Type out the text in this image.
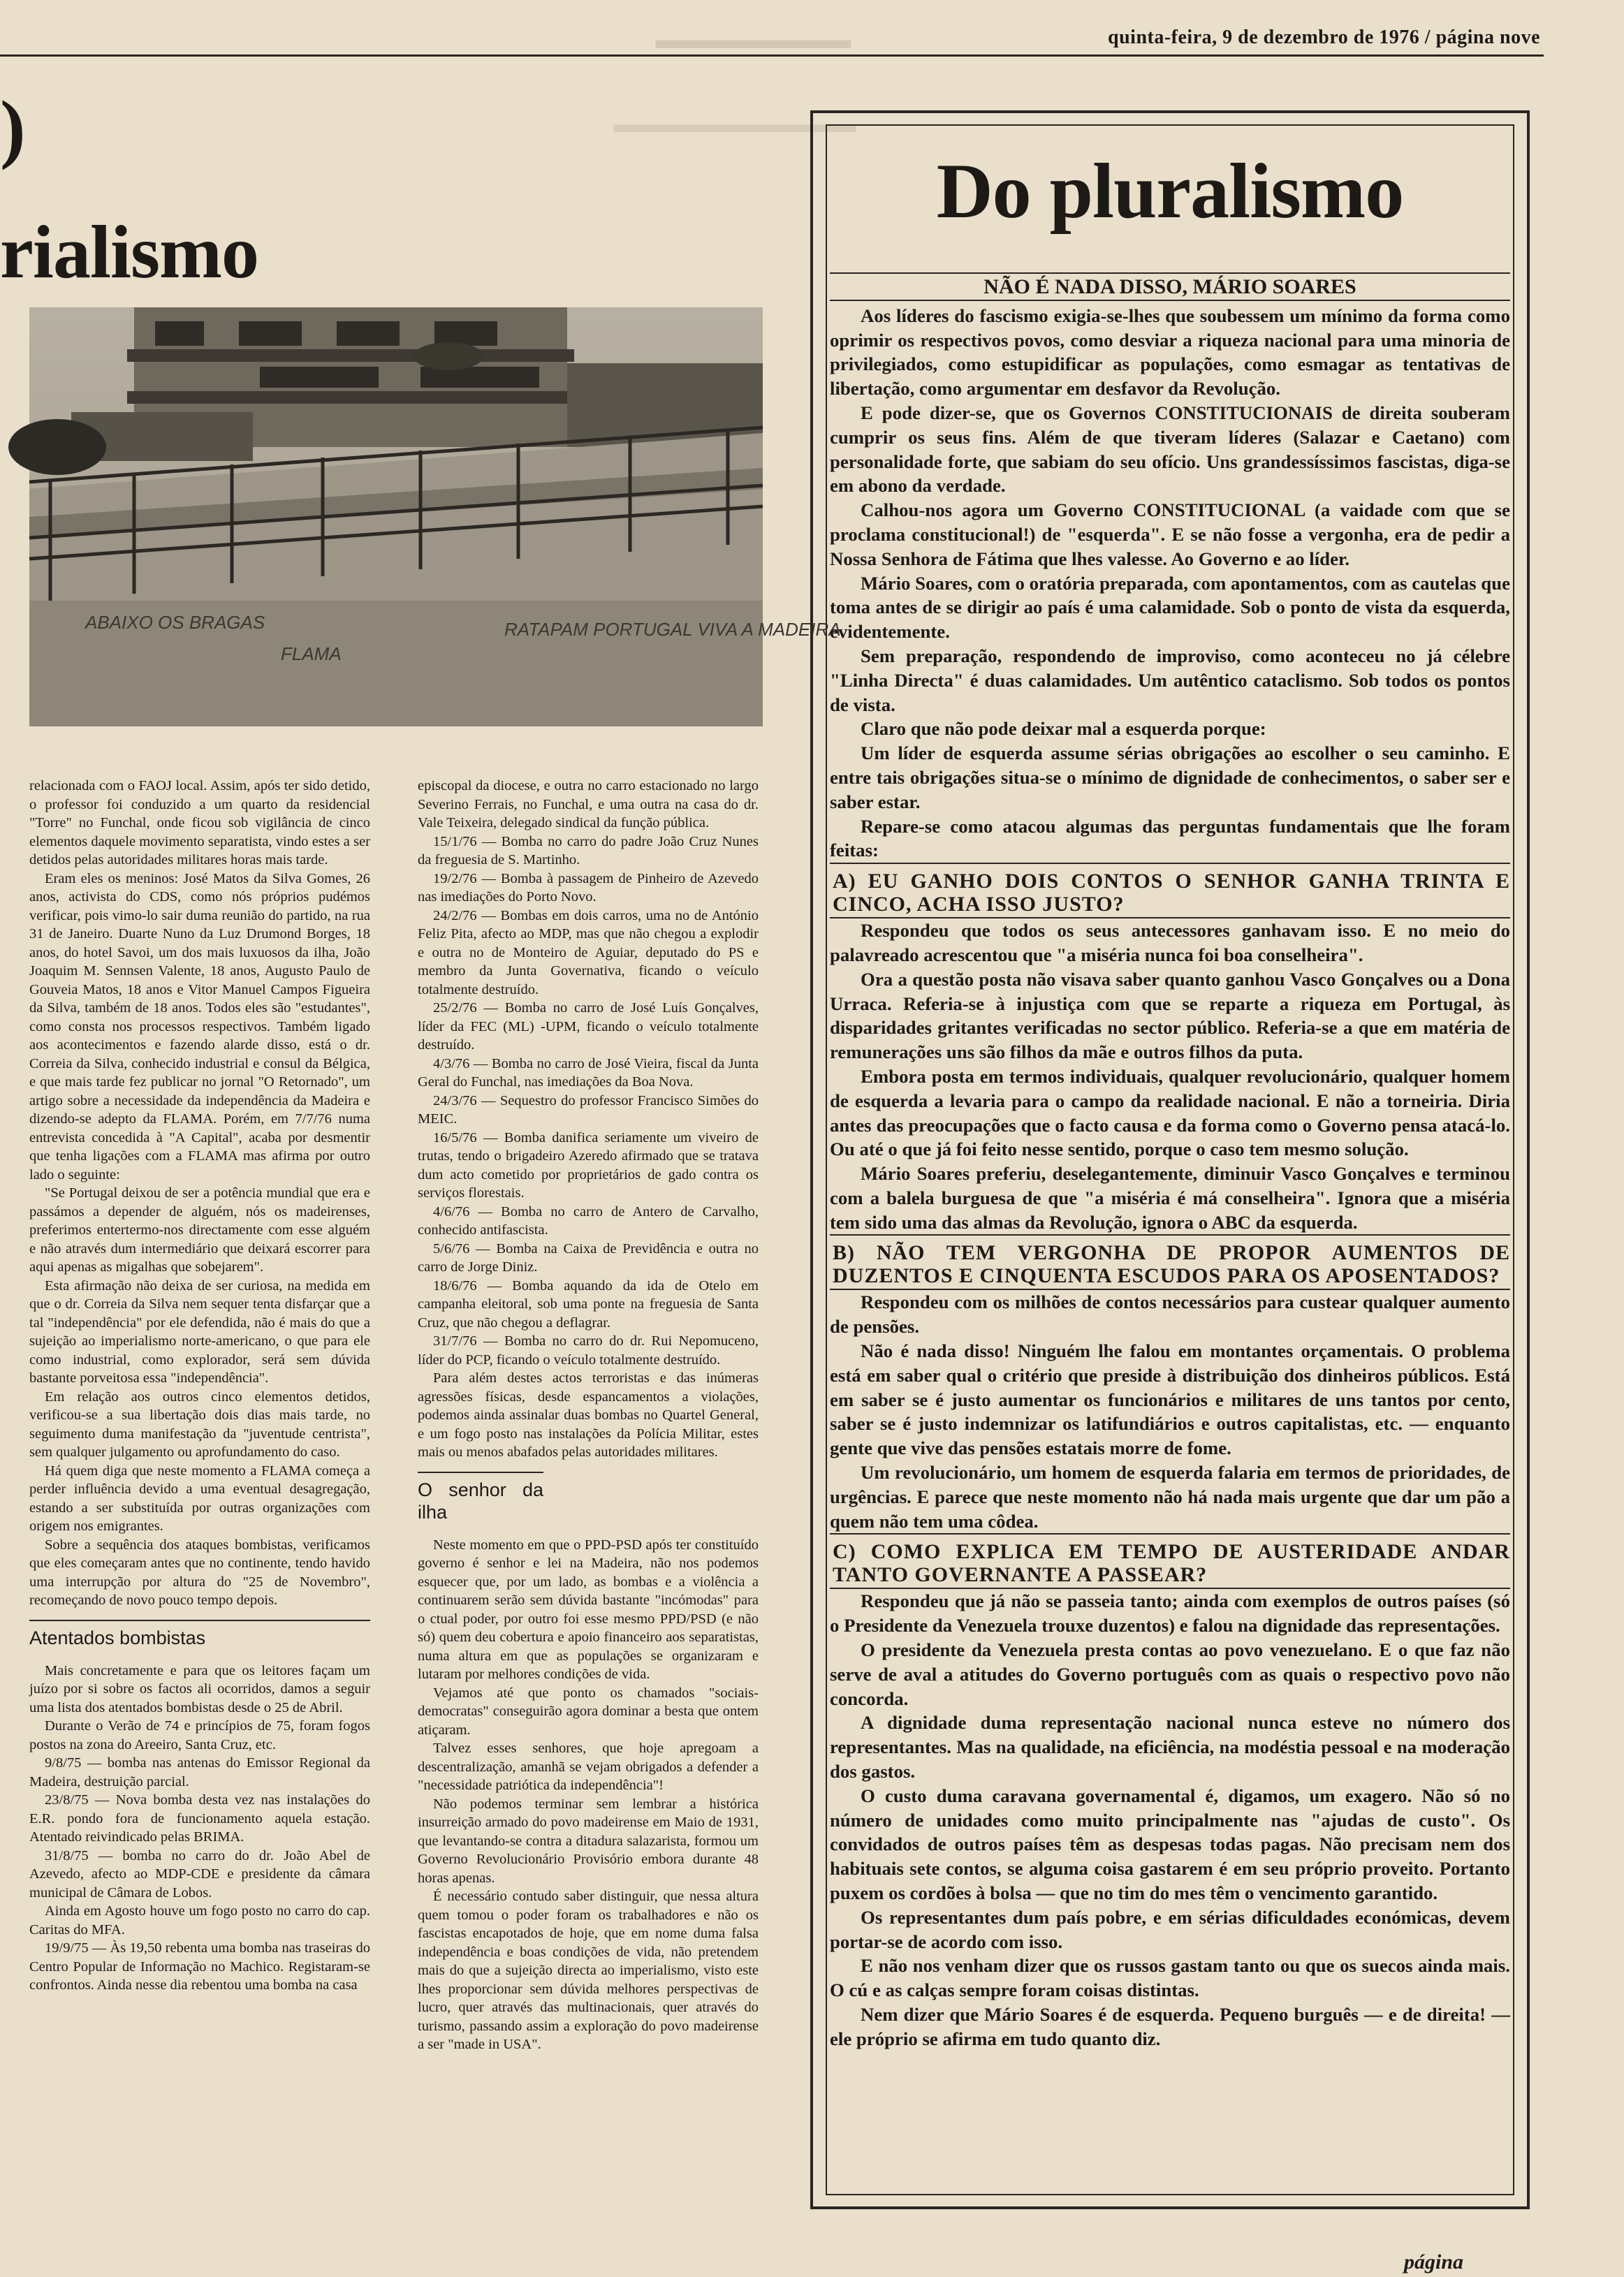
quinta-feira, 9 de dezembro de 1976 / página nove
▔▔▔▔▔▔
▔▔▔▔▔▔▔▔
)
rialismo
ABAIXO OS BRAGAS
FLAMA
RATAPAM PORTUGAL VIVA A MADEIRA

relacionada com o FAOJ local. Assim, após ter sido detido, o professor foi conduzido a um quarto da residencial "Torre" no Funchal, onde ficou sob vigilância de cinco elementos daquele movimento separatista, vindo estes a ser detidos pelas autoridades militares horas mais tarde.

Eram eles os meninos: José Matos da Silva Gomes, 26 anos, activista do CDS, como nós próprios pudémos verificar, pois vimo-lo sair duma reunião do partido, na rua 31 de Janeiro. Duarte Nuno da Luz Drumond Borges, 18 anos, do hotel Savoi, um dos mais luxuosos da ilha, João Joaquim M. Sennsen Valente, 18 anos, Augusto Paulo de Gouveia Matos, 18 anos e Vitor Manuel Campos Figueira da Silva, também de 18 anos. Todos eles são "estudantes", como consta nos processos respectivos. Também ligado aos acontecimentos e fazendo alarde disso, está o dr. Correia da Silva, conhecido industrial e consul da Bélgica, e que mais tarde fez publicar no jornal "O Retornado", um artigo sobre a necessidade da independência da Madeira e dizendo-se adepto da FLAMA. Porém, em 7/7/76 numa entrevista concedida à "A Capital", acaba por desmentir que tenha ligações com a FLAMA mas afirma por outro lado o seguinte:

"Se Portugal deixou de ser a potência mundial que era e passámos a depender de alguém, nós os madeirenses, preferimos entertermo-nos directamente com esse alguém e não através dum intermediário que deixará escorrer para aqui apenas as migalhas que sobejarem".

Esta afirmação não deixa de ser curiosa, na medida em que o dr. Correia da Silva nem sequer tenta disfarçar que a tal "independência" por ele defendida, não é mais do que a sujeição ao imperialismo norte-americano, o que para ele como industrial, como explorador, será sem dúvida bastante porveitosa essa "independência".

Em relação aos outros cinco elementos detidos, verificou-se a sua libertação dois dias mais tarde, no seguimento duma manifestação da "juventude centrista", sem qualquer julgamento ou aprofundamento do caso.

Há quem diga que neste momento a FLAMA começa a perder influência devido a uma eventual desagregação, estando a ser substituída por outras organizações com origem nos emigrantes.

Sobre a sequência dos ataques bombistas, verificamos que eles começaram antes que no continente, tendo havido uma interrupção por altura do "25 de Novembro", recomeçando de novo pouco tempo depois.

Atentados bombistas

Mais concretamente e para que os leitores façam um juízo por si sobre os factos ali ocorridos, damos a seguir uma lista dos atentados bombistas desde o 25 de Abril.

Durante o Verão de 74 e princípios de 75, foram fogos postos na zona do Areeiro, Santa Cruz, etc.

9/8/75 — bomba nas antenas do Emissor Regional da Madeira, destruição parcial.

23/8/75 — Nova bomba desta vez nas instalações do E.R. pondo fora de funcionamento aquela estação. Atentado reivindicado pelas BRIMA.

31/8/75 — bomba no carro do dr. João Abel de Azevedo, afecto ao MDP-CDE e presidente da câmara municipal de Câmara de Lobos.

Ainda em Agosto houve um fogo posto no carro do cap. Caritas do MFA.

19/9/75 — Às 19,50 rebenta uma bomba nas traseiras do Centro Popular de Informação no Machico. Registaram-se confrontos. Ainda nesse dia rebentou uma bomba na casa

episcopal da diocese, e outra no carro estacionado no largo Severino Ferrais, no Funchal, e uma outra na casa do dr. Vale Teixeira, delegado sindical da função pública.

15/1/76 — Bomba no carro do padre João Cruz Nunes da freguesia de S. Martinho.

19/2/76 — Bomba à passagem de Pinheiro de Azevedo nas imediações do Porto Novo.

24/2/76 — Bombas em dois carros, uma no de António Feliz Pita, afecto ao MDP, mas que não chegou a explodir e outra no de Monteiro de Aguiar, deputado do PS e membro da Junta Governativa, ficando o veículo totalmente destruído.

25/2/76 — Bomba no carro de José Luís Gonçalves, líder da FEC (ML) -UPM, ficando o veículo totalmente destruído.

4/3/76 — Bomba no carro de José Vieira, fiscal da Junta Geral do Funchal, nas imediações da Boa Nova.

24/3/76 — Sequestro do professor Francisco Simões do MEIC.

16/5/76 — Bomba danifica seriamente um viveiro de trutas, tendo o brigadeiro Azeredo afirmado que se tratava dum acto cometido por proprietários de gado contra os serviços florestais.

4/6/76 — Bomba no carro de Antero de Carvalho, conhecido antifascista.

5/6/76 — Bomba na Caixa de Previdência e outra no carro de Jorge Diniz.

18/6/76 — Bomba aquando da ida de Otelo em campanha eleitoral, sob uma ponte na freguesia de Santa Cruz, que não chegou a deflagrar.

31/7/76 — Bomba no carro do dr. Rui Nepomuceno, líder do PCP, ficando o veículo totalmente destruído.

Para além destes actos terroristas e das inúmeras agressões físicas, desde espancamentos a violações, podemos ainda assinalar duas bombas no Quartel General, e um fogo posto nas instalações da Polícia Militar, estes mais ou menos abafados pelas autoridades militares.

O senhor da ilha

Neste momento em que o PPD-PSD após ter constituído governo é senhor e lei na Madeira, não nos podemos esquecer que, por um lado, as bombas e a violência a continuarem serão sem dúvida bastante "incómodas" para o ctual poder, por outro foi esse mesmo PPD/PSD (e não só) quem deu cobertura e apoio financeiro aos separatistas, numa altura em que as populações se organizaram e lutaram por melhores condições de vida.

Vejamos até que ponto os chamados "sociais-democratas" conseguirão agora dominar a besta que ontem atiçaram.

Talvez esses senhores, que hoje apregoam a descentralização, amanhã se vejam obrigados a defender a "necessidade patriótica da independência"!

Não podemos terminar sem lembrar a histórica insurreição armado do povo madeirense em Maio de 1931, que levantando-se contra a ditadura salazarista, formou um Governo Revolucionário Provisório embora durante 48 horas apenas.

É necessário contudo saber distinguir, que nessa altura quem tomou o poder foram os trabalhadores e não os fascistas encapotados de hoje, que em nome duma falsa independência e boas condições de vida, não pretendem mais do que a sujeição directa ao imperialismo, visto este lhes proporcionar sem dúvida melhores perspectivas de lucro, quer através das multinacionais, quer através do turismo, passando assim a exploração do povo madeirense a ser "made in USA".

Do pluralismo

NÃO É NADA DISSO, MÁRIO SOARES

Aos líderes do fascismo exigia-se-lhes que soubessem um mínimo da forma como oprimir os respectivos povos, como desviar a riqueza nacional para uma minoria de privilegiados, como estupidificar as populações, como esmagar as tentativas de libertação, como argumentar em desfavor da Revolução.

E pode dizer-se, que os Governos CONSTITUCIONAIS de direita souberam cumprir os seus fins. Além de que tiveram líderes (Salazar e Caetano) com personalidade forte, que sabiam do seu ofício. Uns grandessíssimos fascistas, diga-se em abono da verdade.

Calhou-nos agora um Governo CONSTITUCIONAL (a vaidade com que se proclama constitucional!) de "esquerda". E se não fosse a vergonha, era de pedir a Nossa Senhora de Fátima que lhes valesse. Ao Governo e ao líder.

Mário Soares, com o oratória preparada, com apontamentos, com as cautelas que toma antes de se dirigir ao país é uma calamidade. Sob o ponto de vista da esquerda, evidentemente.

Sem preparação, respondendo de improviso, como aconteceu no já célebre "Linha Directa" é duas calamidades. Um autêntico cataclismo. Sob todos os pontos de vista.

Claro que não pode deixar mal a esquerda porque:

Um líder de esquerda assume sérias obrigações ao escolher o seu caminho. E entre tais obrigações situa-se o mínimo de dignidade de conhecimentos, o saber ser e saber estar.

Repare-se como atacou algumas das perguntas fundamentais que lhe foram feitas:

A) EU GANHO DOIS CONTOS O SENHOR GANHA TRINTA E CINCO, ACHA ISSO JUSTO?

Respondeu que todos os seus antecessores ganhavam isso. E no meio do palavreado acrescentou que "a miséria nunca foi boa conselheira".

Ora a questão posta não visava saber quanto ganhou Vasco Gonçalves ou a Dona Urraca. Referia-se à injustiça com que se reparte a riqueza em Portugal, às disparidades gritantes verificadas no sector público. Referia-se a que em matéria de remunerações uns são filhos da mãe e outros filhos da puta.

Embora posta em termos individuais, qualquer revolucionário, qualquer homem de esquerda a levaria para o campo da realidade nacional. E não a torneiria. Diria antes das preocupações que o facto causa e da forma como o Governo pensa atacá-lo. Ou até o que já foi feito nesse sentido, porque o caso tem mesmo solução.

Mário Soares preferiu, deselegantemente, diminuir Vasco Gonçalves e terminou com a balela burguesa de que "a miséria é má conselheira". Ignora que a miséria tem sido uma das almas da Revolução, ignora o ABC da esquerda.

B) NÃO TEM VERGONHA DE PROPOR AUMENTOS DE DUZENTOS E CINQUENTA ESCUDOS PARA OS APOSENTADOS?

Respondeu com os milhões de contos necessários para custear qualquer aumento de pensões.

Não é nada disso! Ninguém lhe falou em montantes orçamentais. O problema está em saber qual o critério que preside à distribuição dos dinheiros públicos. Está em saber se é justo aumentar os funcionários e militares de uns tantos por cento, saber se é justo indemnizar os latifundiários e outros capitalistas, etc. — enquanto gente que vive das pensões estatais morre de fome.

Um revolucionário, um homem de esquerda falaria em termos de prioridades, de urgências. E parece que neste momento não há nada mais urgente que dar um pão a quem não tem uma côdea.

C) COMO EXPLICA EM TEMPO DE AUSTERIDADE ANDAR TANTO GOVERNANTE A PASSEAR?

Respondeu que já não se passeia tanto; ainda com exemplos de outros países (só o Presidente da Venezuela trouxe duzentos) e falou na dignidade das representações.

O presidente da Venezuela presta contas ao povo venezuelano. E o que faz não serve de aval a atitudes do Governo português com as quais o respectivo povo não concorda.

A dignidade duma representação nacional nunca esteve no número dos representantes. Mas na qualidade, na eficiência, na modéstia pessoal e na moderação dos gastos.

O custo duma caravana governamental é, digamos, um exagero. Não só no número de unidades como muito principalmente nas "ajudas de custo". Os convidados de outros países têm as despesas todas pagas. Não precisam nem dos habituais sete contos, se alguma coisa gastarem é em seu próprio proveito. Portanto puxem os cordões à bolsa — que no tim do mes têm o vencimento garantido.

Os representantes dum país pobre, e em sérias dificuldades económicas, devem portar-se de acordo com isso.

E não nos venham dizer que os russos gastam tanto ou que os suecos ainda mais. O cú e as calças sempre foram coisas distintas.

Nem dizer que Mário Soares é de esquerda. Pequeno burguês — e de direita! — ele próprio se afirma em tudo quanto diz.

página
